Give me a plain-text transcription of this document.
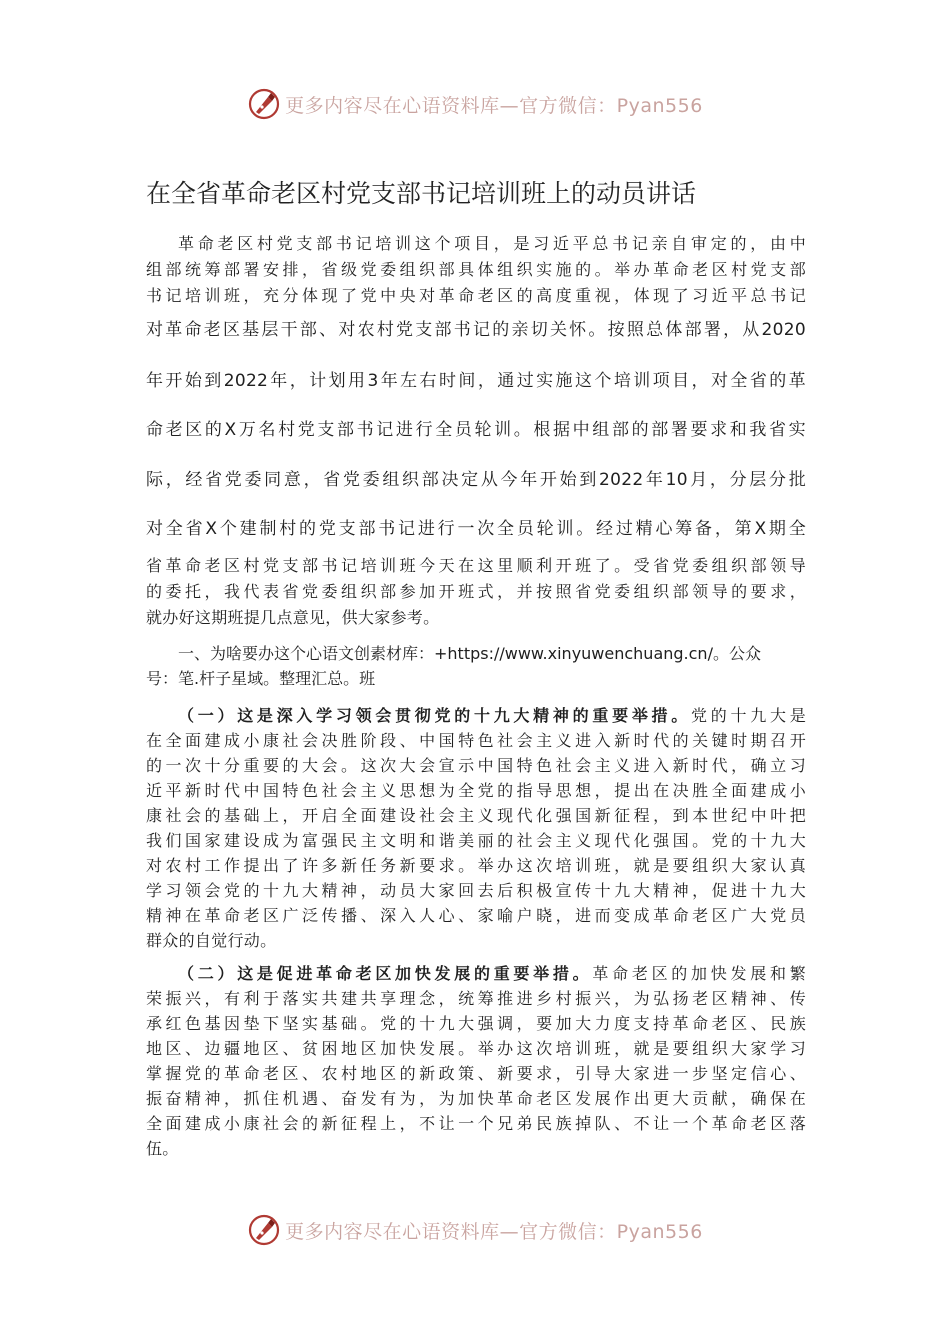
更多内容尽在心语资料库—官方微信：Pyan556
在全省革命老区村党支部书记培训班上的动员讲话
革命老区村党支部书记培训这个项目，是习近平总书记亲自审定的，由中
组部统筹部署安排，省级党委组织部具体组织实施的。举办革命老区村党支部
书记培训班，充分体现了党中央对革命老区的高度重视，体现了习近平总书记
对革命老区基层干部、对农村党支部书记的亲切关怀。按照总体部署，从2020
年开始到2022年，计划用3年左右时间，通过实施这个培训项目，对全省的革
命老区的X万名村党支部书记进行全员轮训。根据中组部的部署要求和我省实
际，经省党委同意，省党委组织部决定从今年开始到2022年10月，分层分批
对全省X个建制村的党支部书记进行一次全员轮训。经过精心筹备，第X期全
省革命老区村党支部书记培训班今天在这里顺利开班了。受省党委组织部领导
的委托，我代表省党委组织部参加开班式，并按照省党委组织部领导的要求，
就办好这期班提几点意见，供大家参考。
一、为啥要办这个心语文创素材库：+https://www.xinyuwenchuang.cn/。公众
号：笔.杆子星域。整理汇总。班
（一）这是深入学习领会贯彻党的十九大精神的重要举措。党的十九大是
在全面建成小康社会决胜阶段、中国特色社会主义进入新时代的关键时期召开
的一次十分重要的大会。这次大会宣示中国特色社会主义进入新时代，确立习
近平新时代中国特色社会主义思想为全党的指导思想，提出在决胜全面建成小
康社会的基础上，开启全面建设社会主义现代化强国新征程，到本世纪中叶把
我们国家建设成为富强民主文明和谐美丽的社会主义现代化强国。党的十九大
对农村工作提出了许多新任务新要求。举办这次培训班，就是要组织大家认真
学习领会党的十九大精神，动员大家回去后积极宣传十九大精神，促进十九大
精神在革命老区广泛传播、深入人心、家喻户晓，进而变成革命老区广大党员
群众的自觉行动。
（二）这是促进革命老区加快发展的重要举措。革命老区的加快发展和繁
荣振兴，有利于落实共建共享理念，统筹推进乡村振兴，为弘扬老区精神、传
承红色基因垫下坚实基础。党的十九大强调，要加大力度支持革命老区、民族
地区、边疆地区、贫困地区加快发展。举办这次培训班，就是要组织大家学习
掌握党的革命老区、农村地区的新政策、新要求，引导大家进一步坚定信心、
振奋精神，抓住机遇、奋发有为，为加快革命老区发展作出更大贡献，确保在
全面建成小康社会的新征程上，不让一个兄弟民族掉队、不让一个革命老区落
伍。
更多内容尽在心语资料库—官方微信：Pyan556
